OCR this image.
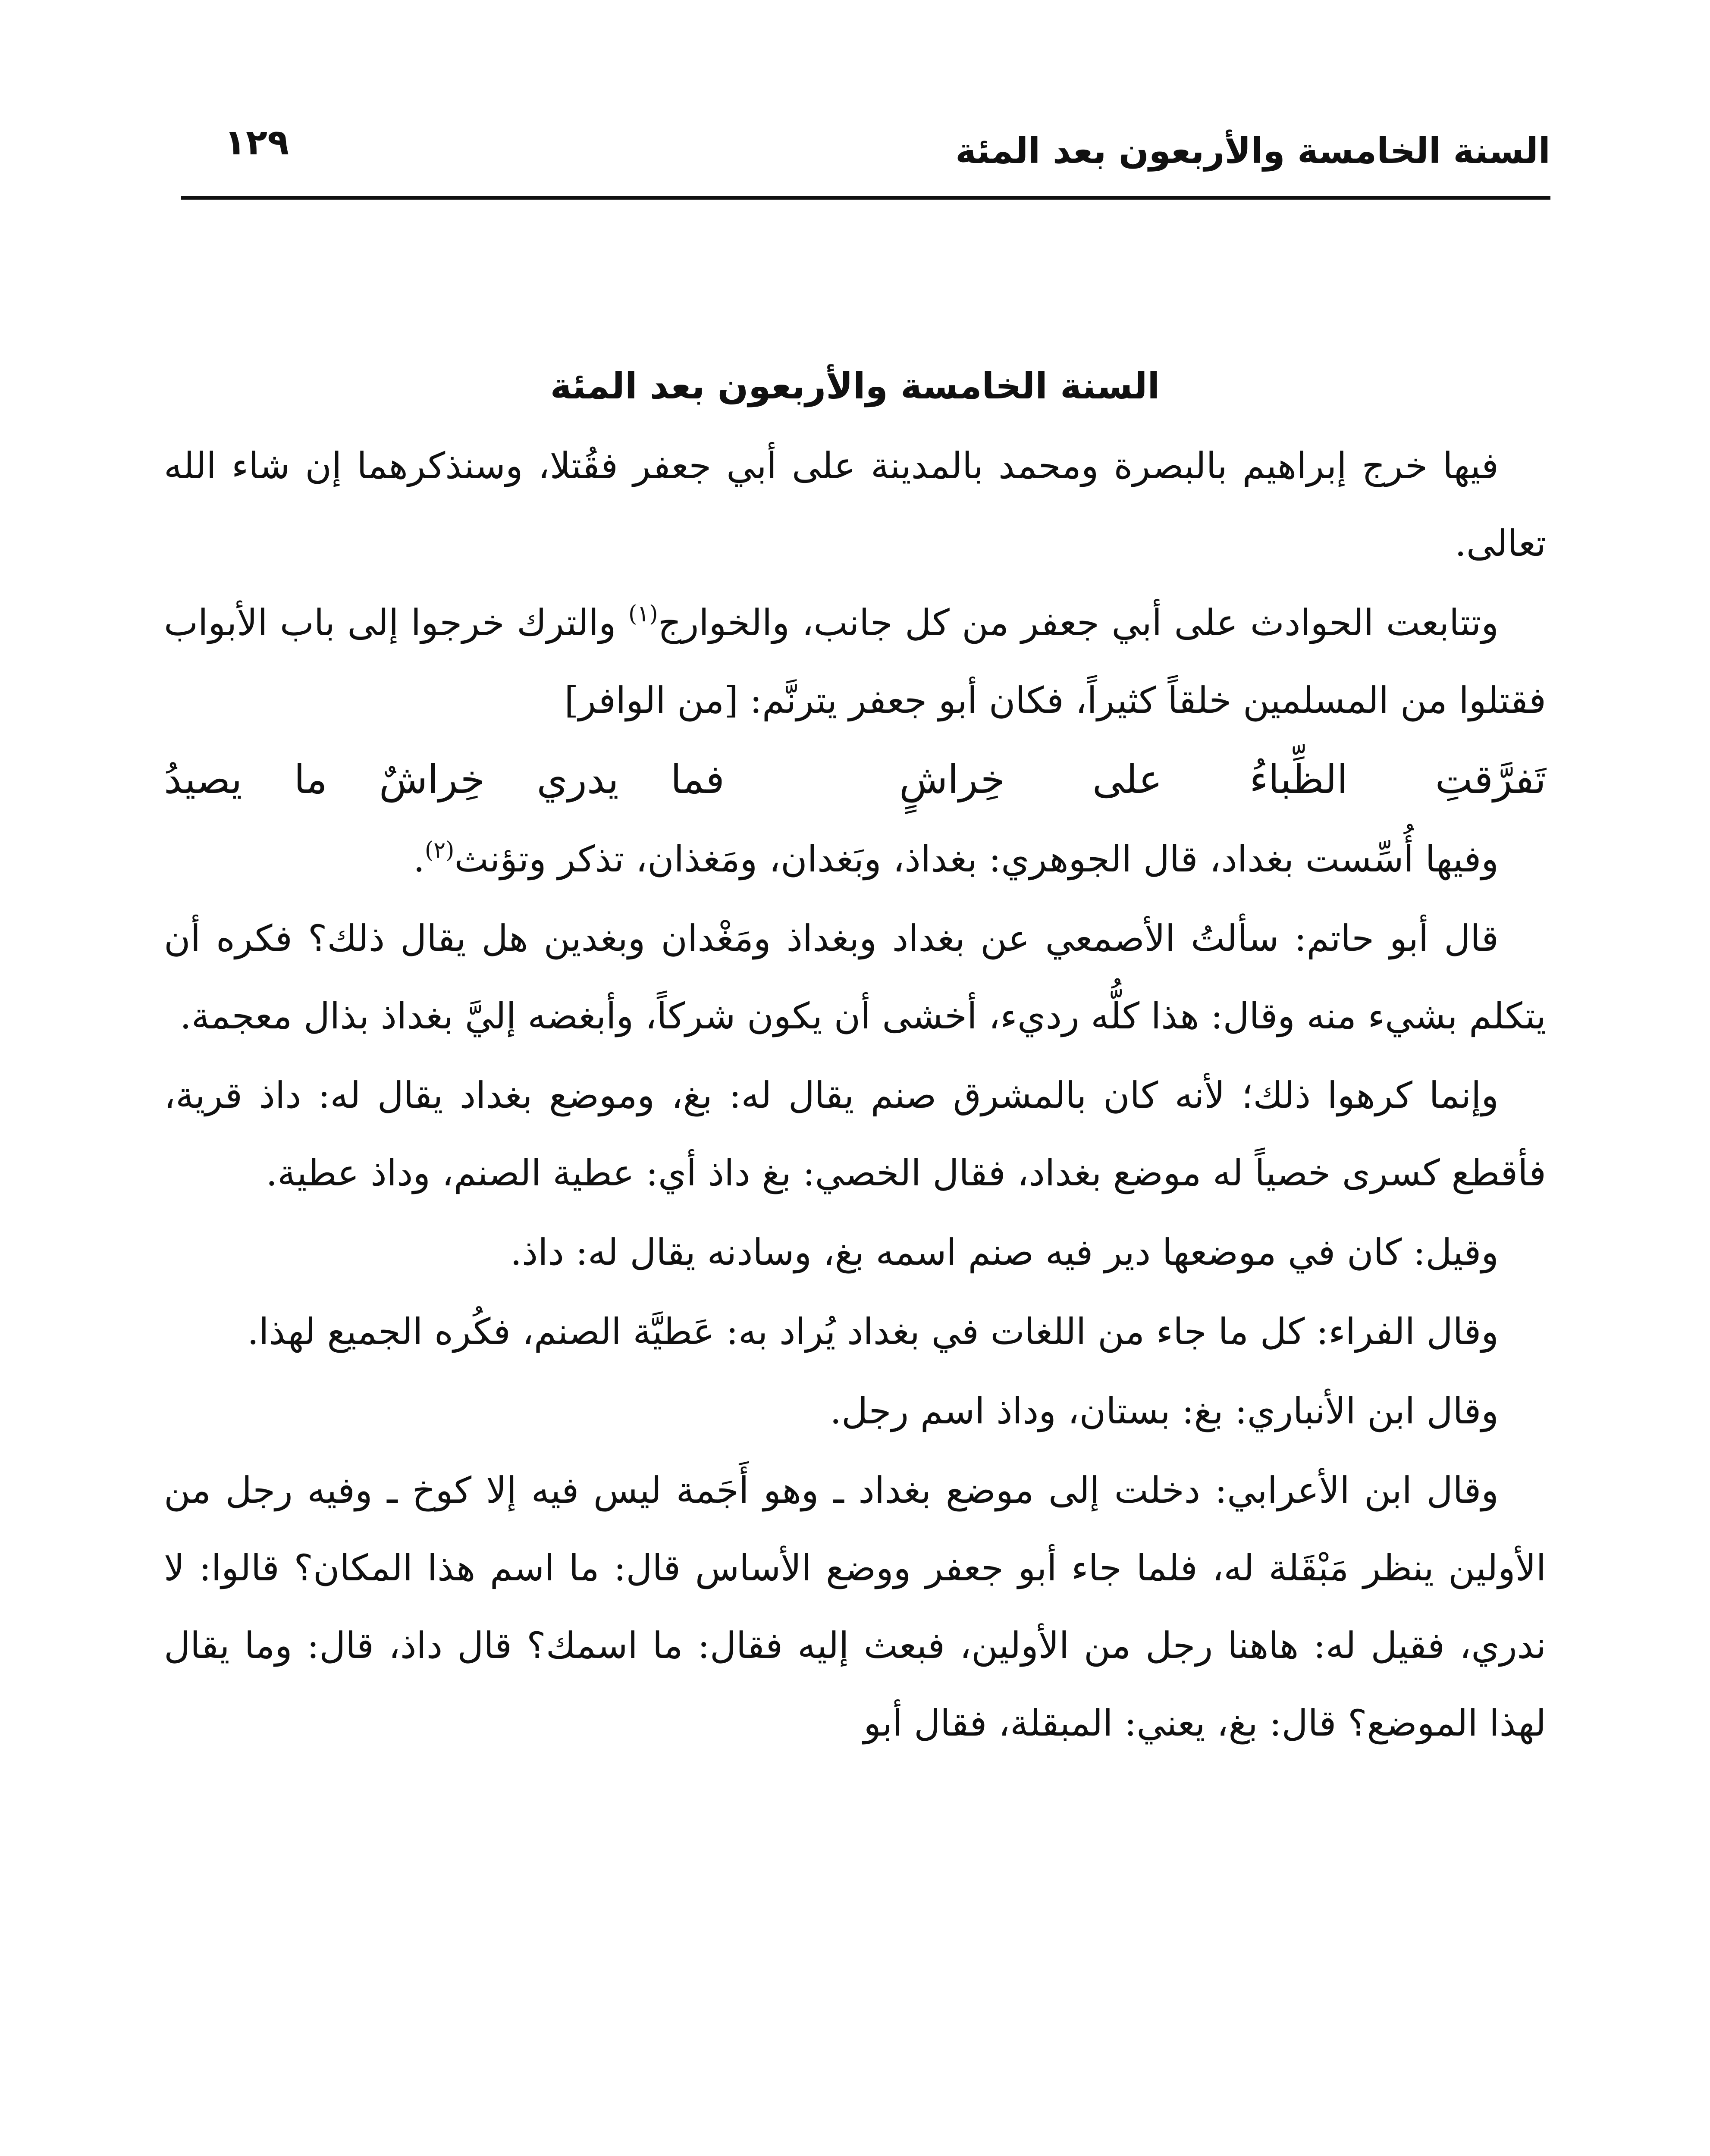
السنة الخامسة والأربعون بعد المئة
١٢٩
السنة الخامسة والأربعون بعد المئة

فيها خرج إبراهيم بالبصرة ومحمد بالمدينة على أبي جعفر فقُتلا، وسنذكرهما إن شاء الله تعالى.

وتتابعت الحوادث على أبي جعفر من كل جانب، والخوارج$^{(١)}$ والترك خرجوا إلى باب الأبواب فقتلوا من المسلمين خلقاً كثيراً، فكان أبو جعفر يترنَّم: [من الوافر]

تَفرَّقتِ الظِّباءُ على خِراشٍ
فما يدري خِراشٌ ما يصيدُ

وفيها أُسِّست بغداد، قال الجوهري: بغداذ، وبَغدان، ومَغذان، تذكر وتؤنث$^{(٢)}$.

قال أبو حاتم: سألتُ الأصمعي عن بغداد وبغداذ ومَغْدان وبغدين هل يقال ذلك؟ فكره أن يتكلم بشيء منه وقال: هذا كلُّه رديء، أخشى أن يكون شركاً، وأبغضه إليَّ بغداذ بذال معجمة.

وإنما كرهوا ذلك؛ لأنه كان بالمشرق صنم يقال له: بغ، وموضع بغداد يقال له: داذ قرية، فأقطع كسرى خصياً له موضع بغداد، فقال الخصي: بغ داذ أي: عطية الصنم، وداذ عطية.

وقيل: كان في موضعها دير فيه صنم اسمه بغ، وسادنه يقال له: داذ.

وقال الفراء: كل ما جاء من اللغات في بغداد يُراد به: عَطيَّة الصنم، فكُره الجميع لهذا.

وقال ابن الأنباري: بغ: بستان، وداذ اسم رجل.

وقال ابن الأعرابي: دخلت إلى موضع بغداد ـ وهو أَجَمة ليس فيه إلا كوخ ـ وفيه رجل من الأولين ينظر مَبْقَلة له، فلما جاء أبو جعفر ووضع الأساس قال: ما اسم هذا المكان؟ قالوا: لا ندري، فقيل له: هاهنا رجل من الأولين، فبعث إليه فقال: ما اسمك؟ قال داذ، قال: وما يقال لهذا الموضع؟ قال: بغ، يعني: المبقلة، فقال أبو
